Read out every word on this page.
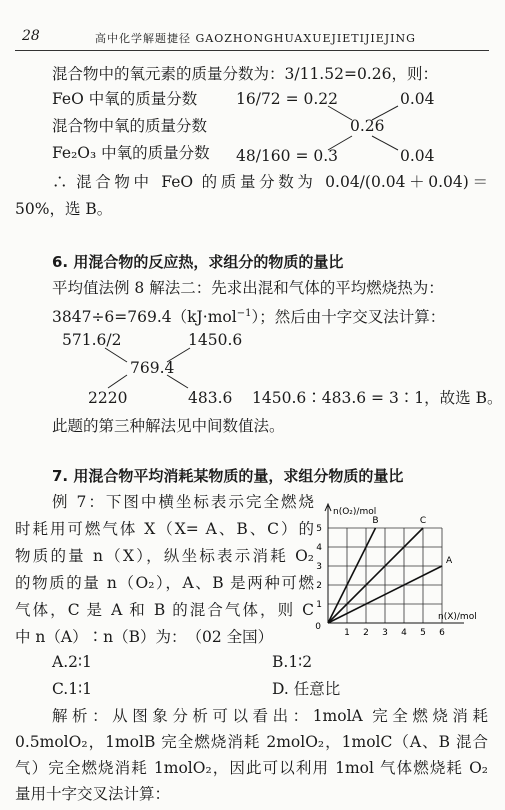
28	高中化学解题捷径 GAOZHONGHUAXUEJIETIJIEJING
混合物中的氧元素的质量分数为：3/11.52=0.26，则：
FeO 中氧的质量分数
混合物中氧的质量分数
Fe₂O₃ 中氧的质量分数
16/72 = 0.22
0.26
48/160 = 0.3
0.04
0.04
∴ 混合物中 FeO 的质量分数为 0.04/(0.04＋0.04)＝
50%，选 B。
6. 用混合物的反应热，求组分的物质的量比
平均值法例 8 解法二：先求出混和气体的平均燃烧热为：
3847÷6=769.4（kJ·mol$^{-1}$）；然后由十字交叉法计算：
571.6/2	1450.6
769.4
2220	483.6 1450.6∶483.6 = 3∶1，故选 B。
此题的第三种解法见中间数值法。
7. 用混合物平均消耗某物质的量，求组分物质的量比
例 7：下图中横坐标表示完全燃烧
时耗用可燃气体 X（X= A、B、C）的
物质的量 n（X），纵坐标表示消耗 O₂
的物质的量 n（O₂），A、B 是两种可燃
气体，C 是 A 和 B 的混合气体，则 C
中 n（A）∶n（B）为：　（02 全国）	1 2 3 4 5 6
1
2
3
4
5
0
n(O₂)/mol
n(X)/mol
B	C
A
A.2∶1	B.1∶2
C.1∶1	D. 任意比
解析：从图象分析可以看出：1molA 完全燃烧消耗
0.5molO₂，1molB 完全燃烧消耗 2molO₂，1molC（A、B 混合
气）完全燃烧消耗 1molO₂，因此可以利用 1mol 气体燃烧耗 O₂
量用十字交叉法计算：
